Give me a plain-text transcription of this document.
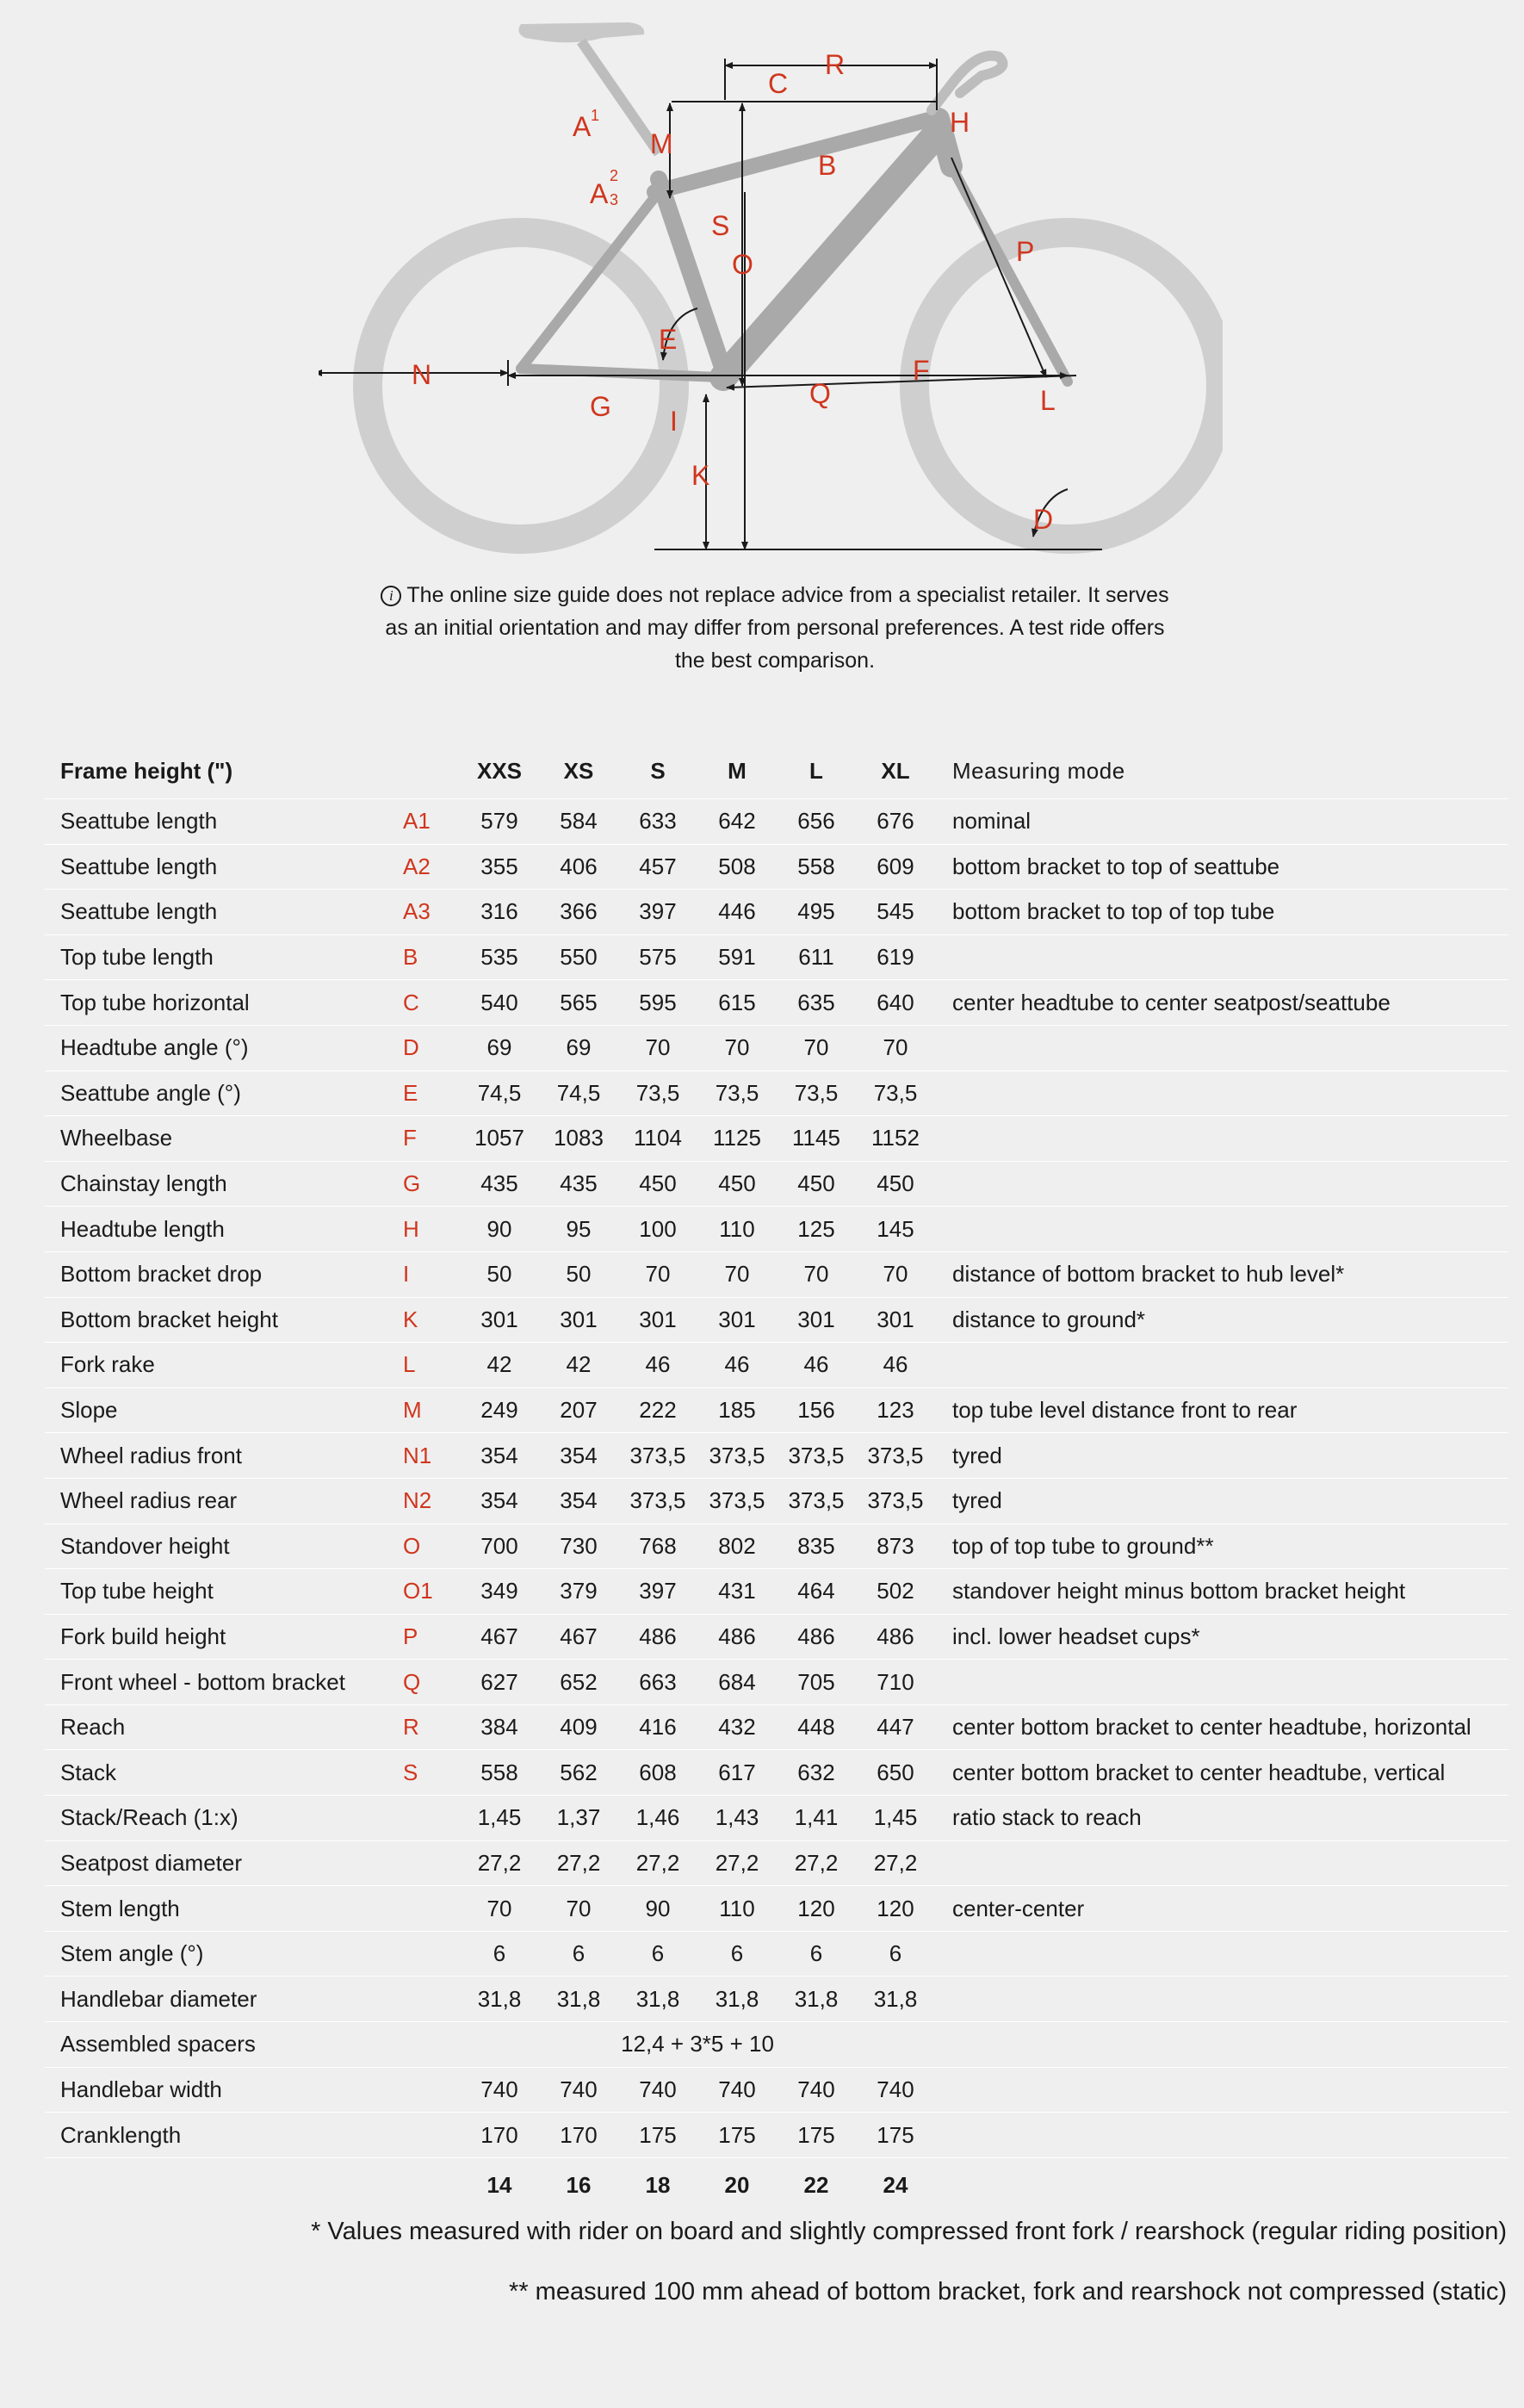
A 1
M
A
2
3
C
R
H
B
S
O	P
E
N
G I
F
Q	L
K
D
i The online size guide does not replace advice from a specialist retailer. It serves as an initial orientation and may differ from personal preferences. A test ride offers the best comparison.
Frame height (")		XXS	XS	S	M	L	XL	Measuring mode
Seattube length	A1	579	584	633	642	656	676	nominal
Seattube length	A2	355	406	457	508	558	609	bottom bracket to top of seattube
Seattube length	A3	316	366	397	446	495	545	bottom bracket to top of top tube
Top tube length	B	535	550	575	591	611	619	
Top tube horizontal	C	540	565	595	615	635	640	center headtube to center seatpost/seattube
Headtube angle (°)	D	69	69	70	70	70	70	
Seattube angle (°)	E	74,5	74,5	73,5	73,5	73,5	73,5	
Wheelbase	F	1057	1083	1104	1125	1145	1152	
Chainstay length	G	435	435	450	450	450	450	
Headtube length	H	90	95	100	110	125	145	
Bottom bracket drop	I	50	50	70	70	70	70	distance of bottom bracket to hub level*
Bottom bracket height	K	301	301	301	301	301	301	distance to ground*
Fork rake	L	42	42	46	46	46	46	
Slope	M	249	207	222	185	156	123	top tube level distance front to rear
Wheel radius front	N1	354	354	373,5	373,5	373,5	373,5	tyred
Wheel radius rear	N2	354	354	373,5	373,5	373,5	373,5	tyred
Standover height	O	700	730	768	802	835	873	top of top tube to ground**
Top tube height	O1	349	379	397	431	464	502	standover height minus bottom bracket height
Fork build height	P	467	467	486	486	486	486	incl. lower headset cups*
Front wheel - bottom bracket	Q	627	652	663	684	705	710	
Reach	R	384	409	416	432	448	447	center bottom bracket to center headtube, horizontal
Stack	S	558	562	608	617	632	650	center bottom bracket to center headtube, vertical
Stack/Reach (1:x)		1,45	1,37	1,46	1,43	1,41	1,45	ratio stack to reach
Seatpost diameter		27,2	27,2	27,2	27,2	27,2	27,2	
Stem length		70	70	90	110	120	120	center-center
Stem angle (°)		6	6	6	6	6	6	
Handlebar diameter		31,8	31,8	31,8	31,8	31,8	31,8	
Assembled spacers		12,4 + 3*5 + 10						
Handlebar width		740	740	740	740	740	740	
Cranklength		170	170	175	175	175	175	
		14	16	18	20	22	24	
* Values measured with rider on board and slightly compressed front fork / rearshock (regular riding position)
** measured 100 mm ahead of bottom bracket, fork and rearshock not compressed (static)
